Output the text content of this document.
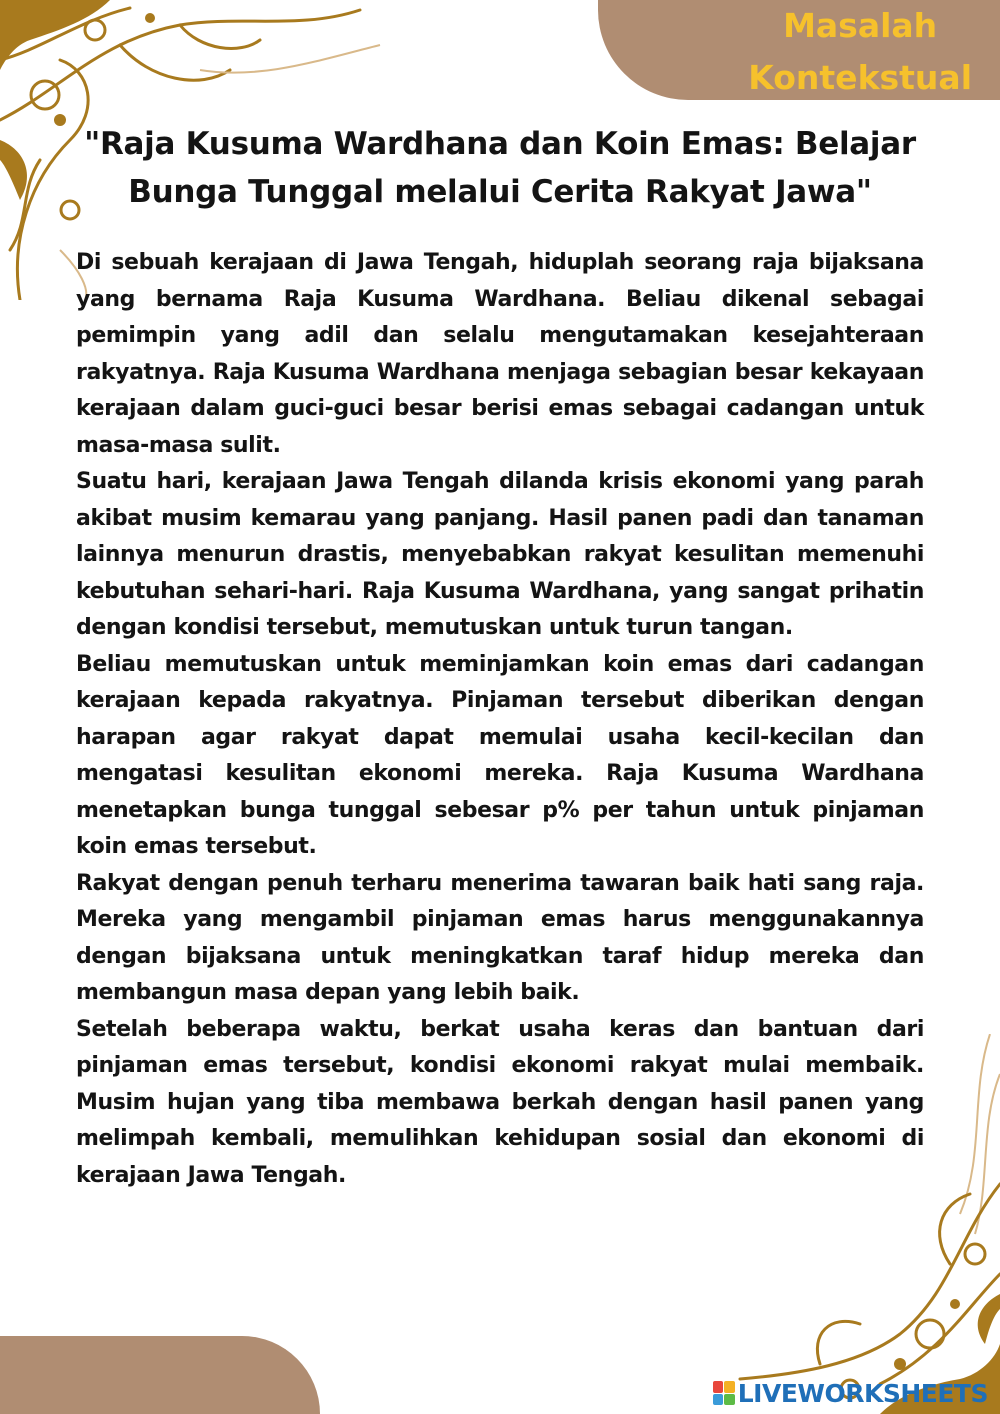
Masalah
Kontekstual
"Raja Kusuma Wardhana dan Koin Emas: Belajar
Bunga Tunggal melalui Cerita Rakyat Jawa"

Di sebuah kerajaan di Jawa Tengah, hiduplah seorang raja bijaksana yang bernama Raja Kusuma Wardhana. Beliau dikenal sebagai pemimpin yang adil dan selalu mengutamakan kesejahteraan rakyatnya. Raja Kusuma Wardhana menjaga sebagian besar kekayaan kerajaan dalam guci-guci besar berisi emas sebagai cadangan untuk masa-masa sulit.

Suatu hari, kerajaan Jawa Tengah dilanda krisis ekonomi yang parah akibat musim kemarau yang panjang. Hasil panen padi dan tanaman lainnya menurun drastis, menyebabkan rakyat kesulitan memenuhi kebutuhan sehari-hari. Raja Kusuma Wardhana, yang sangat prihatin dengan kondisi tersebut, memutuskan untuk turun tangan.

Beliau memutuskan untuk meminjamkan koin emas dari cadangan kerajaan kepada rakyatnya. Pinjaman tersebut diberikan dengan harapan agar rakyat dapat memulai usaha kecil-kecilan dan mengatasi kesulitan ekonomi mereka. Raja Kusuma Wardhana menetapkan bunga tunggal sebesar p% per tahun untuk pinjaman koin emas tersebut.

Rakyat dengan penuh terharu menerima tawaran baik hati sang raja. Mereka yang mengambil pinjaman emas harus menggunakannya dengan bijaksana untuk meningkatkan taraf hidup mereka dan membangun masa depan yang lebih baik.

Setelah beberapa waktu, berkat usaha keras dan bantuan dari pinjaman emas tersebut, kondisi ekonomi rakyat mulai membaik. Musim hujan yang tiba membawa berkah dengan hasil panen yang melimpah kembali, memulihkan kehidupan sosial dan ekonomi di kerajaan Jawa Tengah.

LIVEWORKSHEETS
